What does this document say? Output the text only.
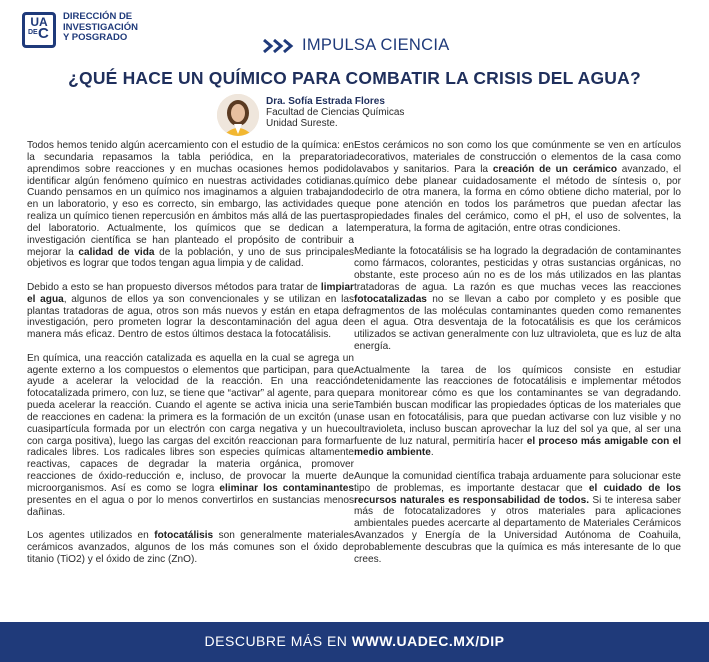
UA
DE C
DIRECCIÓN DE
INVESTIGACIÓN
Y POSGRADO	IMPULSA CIENCIA
¿QUÉ HACE UN QUÍMICO PARA COMBATIR LA CRISIS DEL AGUA?
Dra. Sofía Estrada Flores
Facultad de Ciencias Químicas
Unidad Sureste.

Todos hemos tenido algún acercamiento con el estudio de la química: en la secundaria repasamos la tabla periódica, en la preparatoria aprendimos sobre reacciones y en muchas ocasiones hemos podido identificar algún fenómeno químico en nuestras actividades cotidianas. Cuando pensamos en un químico nos imaginamos a alguien trabajando en un laboratorio, y eso es correcto, sin embargo, las actividades que realiza un químico tienen repercusión en ámbitos más allá de las puertas del laboratorio. Actualmente, los químicos que se dedican a la investigación científica se han planteado el propósito de contribuir a mejorar la calidad de vida de la población, y uno de sus principales objetivos es lograr que todos tengan agua limpia y de calidad.

Debido a esto se han propuesto diversos métodos para tratar de limpiar el agua, algunos de ellos ya son convencionales y se utilizan en las plantas tratadoras de agua, otros son más nuevos y están en etapa de investigación, pero prometen lograr la descontaminación del agua de manera más eficaz. Dentro de estos últimos destaca la fotocatálisis.

En química, una reacción catalizada es aquella en la cual se agrega un agente externo a los compuestos o elementos que participan, para que ayude a acelerar la velocidad de la reacción. En una reacción fotocatalizada primero, con luz, se tiene que “activar” al agente, para que pueda acelerar la reacción. Cuando el agente se activa inicia una serie de reacciones en cadena: la primera es la formación de un excitón (una cuasipartícula formada por un electrón con carga negativa y un hueco con carga positiva), luego las cargas del excitón reaccionan para formar radicales libres. Los radicales libres son especies químicas altamente reactivas, capaces de degradar la materia orgánica, promover reacciones de óxido-reducción e, incluso, de provocar la muerte de microorganismos. Así es como se logra eliminar los contaminantes presentes en el agua o por lo menos convertirlos en sustancias menos dañinas.

Los agentes utilizados en fotocatálisis son generalmente materiales cerámicos avanzados, algunos de los más comunes son el óxido de titanio (TiO2) y el óxido de zinc (ZnO).

Estos cerámicos no son como los que comúnmente se ven en artículos decorativos, materiales de construcción o elementos de la casa como lavabos y sanitarios. Para la creación de un cerámico avanzado, el químico debe planear cuidadosamente el método de síntesis o, por decirlo de otra manera, la forma en cómo obtiene dicho material, por lo que pone atención en todos los parámetros que puedan afectar las propiedades finales del cerámico, como el pH, el uso de solventes, la temperatura, la forma de agitación, entre otras condiciones.

Mediante la fotocatálisis se ha logrado la degradación de contaminantes como fármacos, colorantes, pesticidas y otras sustancias orgánicas, no obstante, este proceso aún no es de los más utilizados en las plantas tratadoras de agua. La razón es que muchas veces las reacciones fotocatalizadas no se llevan a cabo por completo y es posible que fragmentos de las moléculas contaminantes queden como remanentes en el agua. Otra desventaja de la fotocatálisis es que los cerámicos utilizados se activan generalmente con luz ultravioleta, que es luz de alta energía.

Actualmente la tarea de los químicos consiste en estudiar detenidamente las reacciones de fotocatálisis e implementar métodos para monitorear cómo es que los contaminantes se van degradando. También buscan modificar las propiedades ópticas de los materiales que se usan en fotocatálisis, para que puedan activarse con luz visible y no ultravioleta, incluso buscan aprovechar la luz del sol ya que, al ser una fuente de luz natural, permitiría hacer el proceso más amigable con el medio ambiente.

Aunque la comunidad científica trabaja arduamente para solucionar este tipo de problemas, es importante destacar que el cuidado de los recursos naturales es responsabilidad de todos. Si te interesa saber más de fotocatalizadores y otros materiales para aplicaciones ambientales puedes acercarte al departamento de Materiales Cerámicos Avanzados y Energía de la Universidad Autónoma de Coahuila, probablemente descubras que la química es más interesante de lo que crees.

DESCUBRE MÁS EN WWW.UADEC.MX/DIP
